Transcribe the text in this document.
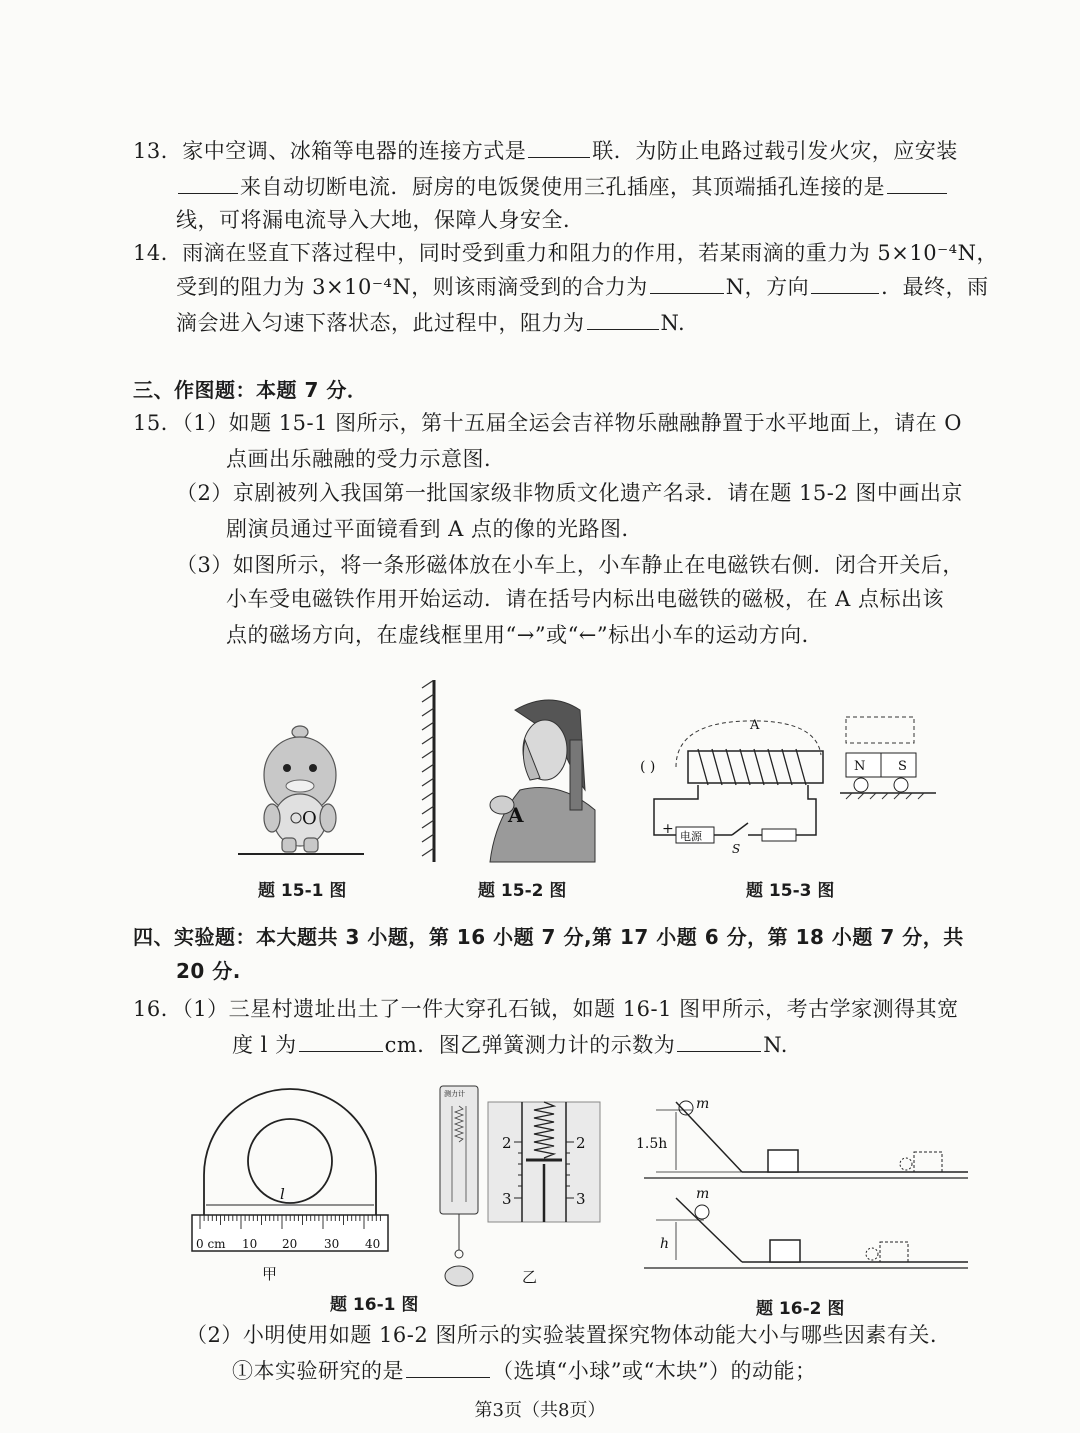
13．家中空调、冰箱等电器的连接方式是	联．为防止电路过载引发火灾，应安装
来自动切断电流．厨房的电饭煲使用三孔插座，其顶端插孔连接的是
线，可将漏电流导入大地，保障人身安全．
14．雨滴在竖直下落过程中，同时受到重力和阻力的作用，若某雨滴的重力为 5×10⁻⁴N，
受到的阻力为 3×10⁻⁴N，则该雨滴受到的合力为	N，方向	．最终，雨
滴会进入匀速下落状态，此过程中，阻力为	N.
三、作图题：本题 7 分．
15．（1）如题 15-1 图所示，第十五届全运会吉祥物乐融融静置于水平地面上，请在 O
点画出乐融融的受力示意图．
（2）京剧被列入我国第一批国家级非物质文化遗产名录．请在题 15-2 图中画出京
剧演员通过平面镜看到 A 点的像的光路图．
（3）如图所示，将一条形磁体放在小车上，小车静止在电磁铁右侧．闭合开关后，
小车受电磁铁作用开始运动．请在括号内标出电磁铁的磁极，在 A 点标出该
点的磁场方向，在虚线框里用“→”或“←”标出小车的运动方向．
O
题 15-1 图
A
题 15-2 图
A
( )
+ 电源
S
N	S
题 15-3 图
四、实验题：本大题共 3 小题，第 16 小题 7 分,第 17 小题 6 分，第 18 小题 7 分，共
20 分.
16．（1）三星村遗址出土了一件大穿孔石钺，如题 16-1 图甲所示，考古学家测得其宽
度 l 为	cm．图乙弹簧测力计的示数为	N.
l
0 cm 10 20 30 40
甲
测力计
2	2
3	3
乙
题 16-1 图
m
1.5h
m
h
题 16-2 图
（2）小明使用如题 16-2 图所示的实验装置探究物体动能大小与哪些因素有关.
①本实验研究的是	（选填“小球”或“木块”）的动能；
第3页（共8页）
